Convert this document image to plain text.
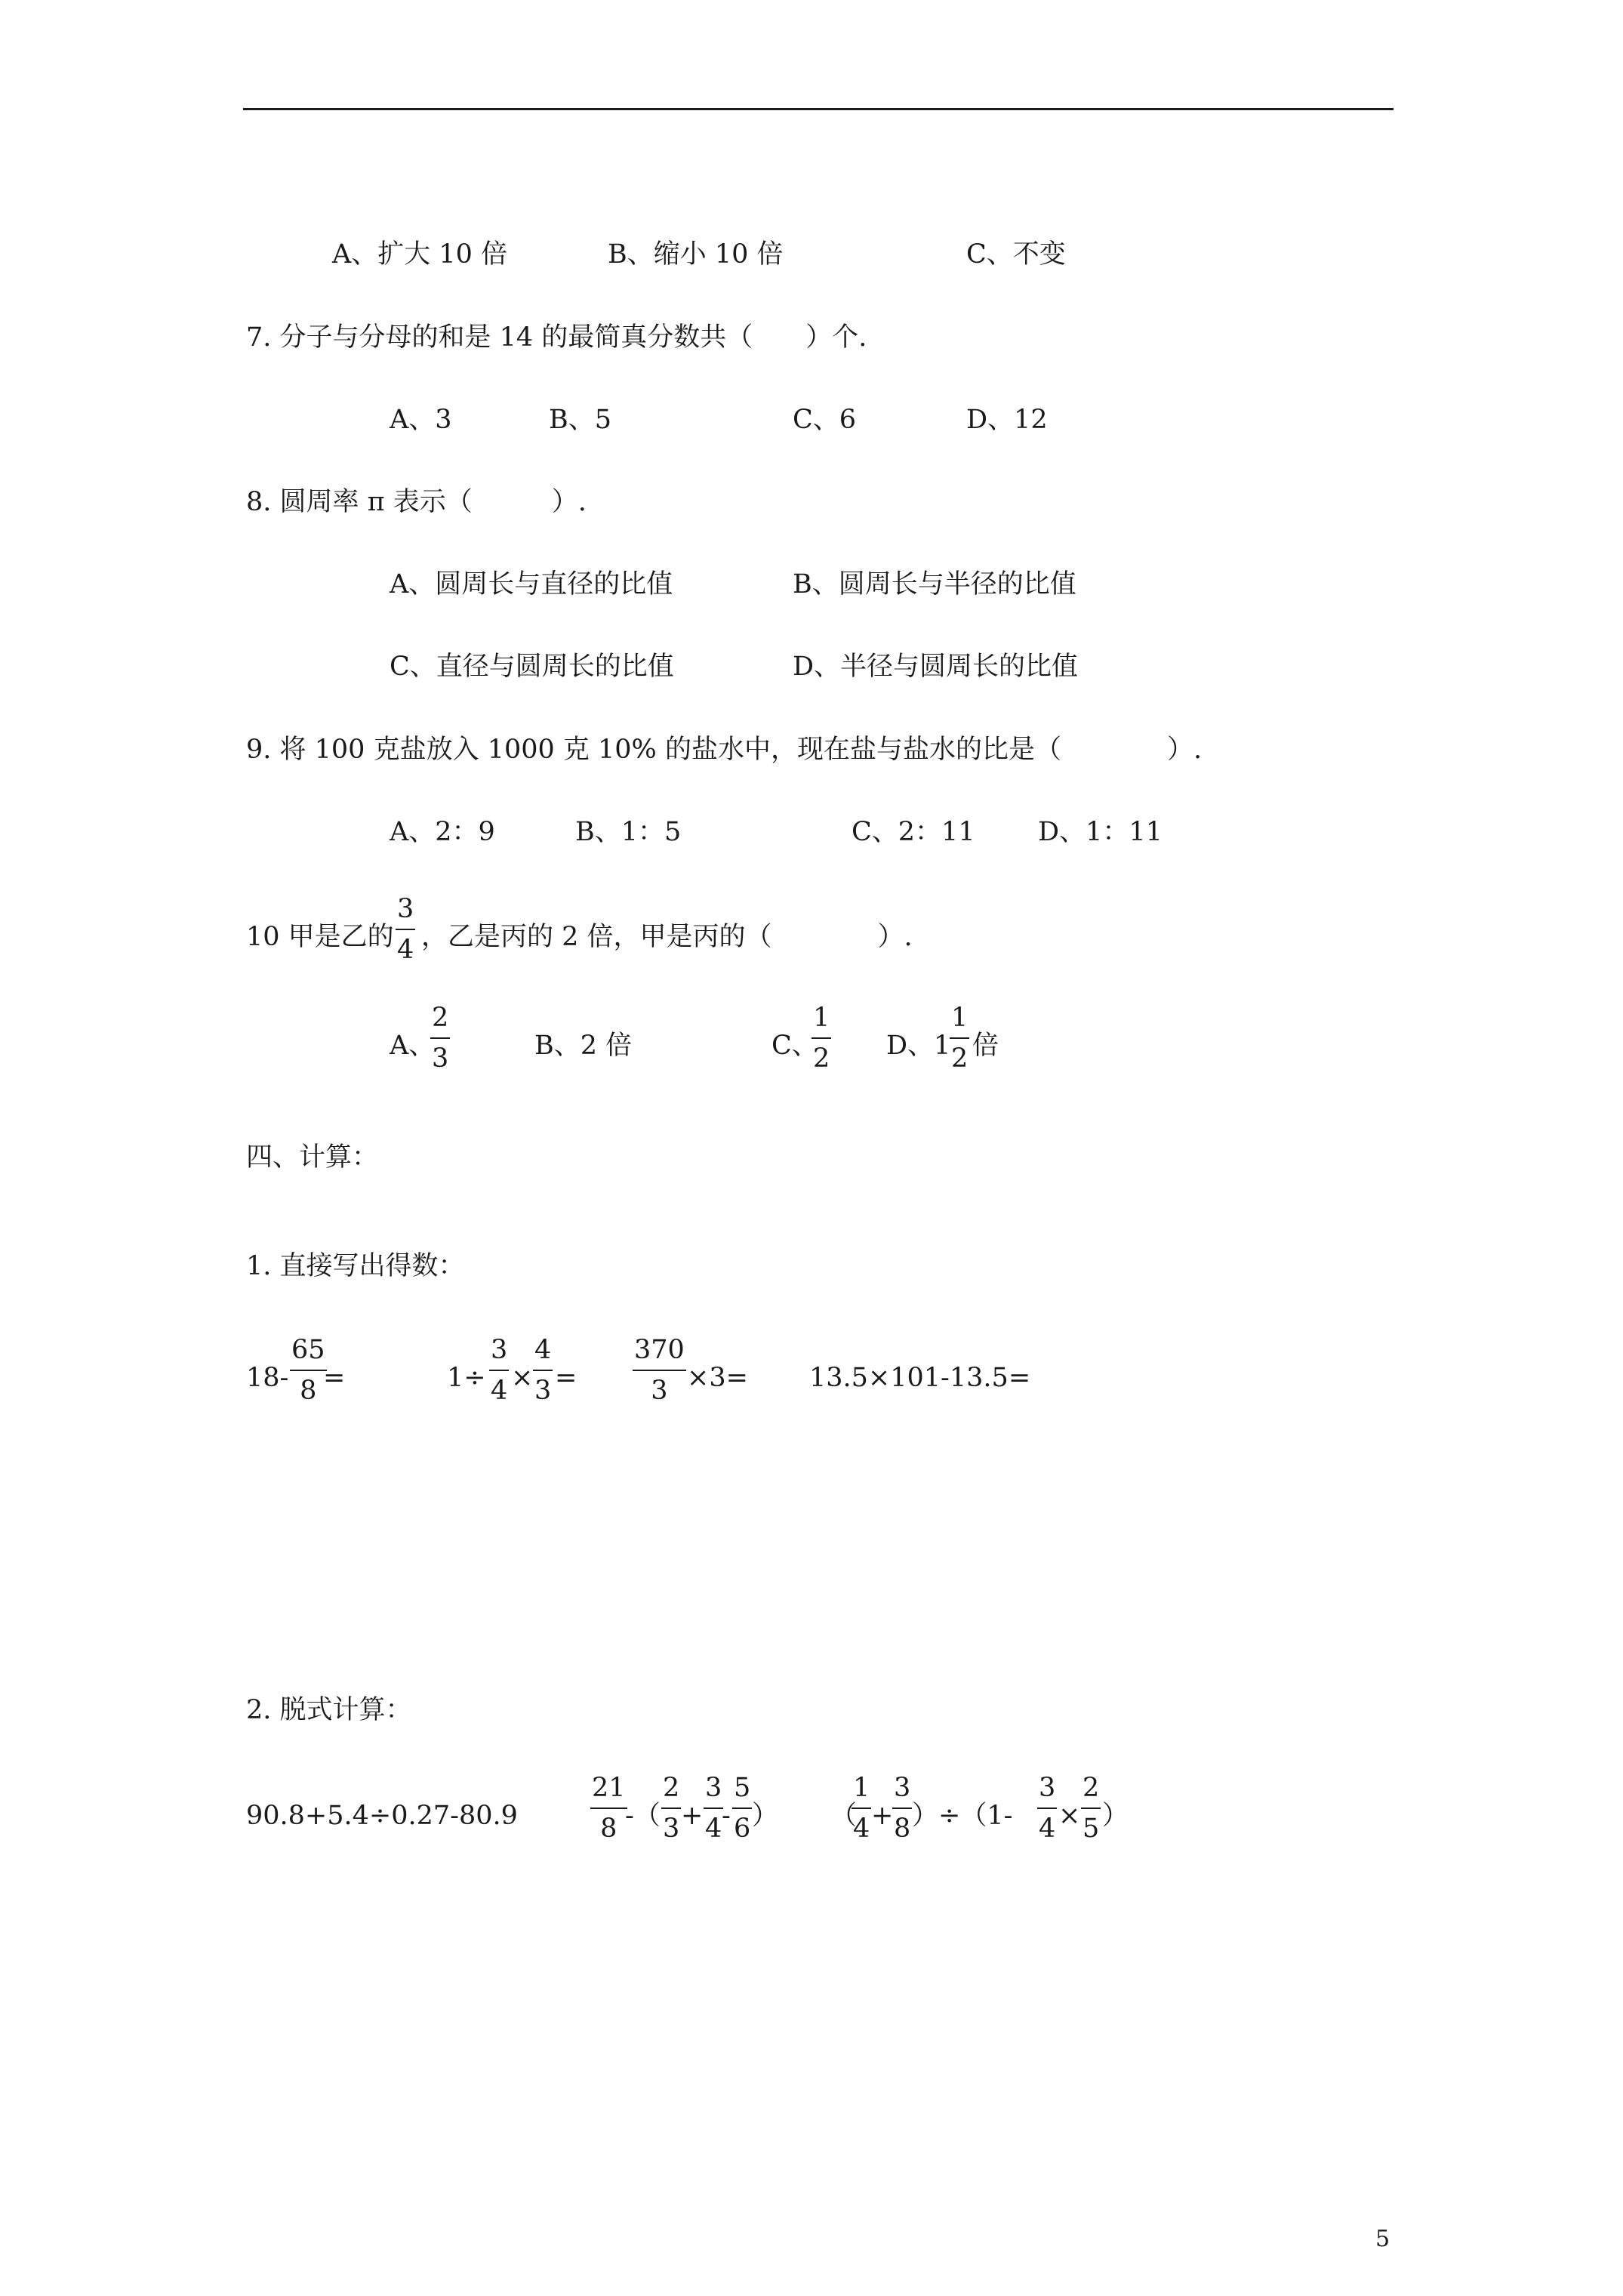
A、扩大 10 倍	B、缩小 10 倍	C、不变
7. 分子与分母的和是 14 的最简真分数共（　　）个.
A、3	B、5	C、6	D、12
8. 圆周率 π 表示（　　　）.
A、圆周长与直径的比值	B、圆周长与半径的比值
C、直径与圆周长的比值	D、半径与圆周长的比值
9. 将 100 克盐放入 1000 克 10% 的盐水中，现在盐与盐水的比是（　　　　）.
A、2：9	B、1：5	C、2：11 D、1：11
10 甲是乙的
3
4 ，乙是丙的 2 倍，甲是丙的（　　　　）.
A、
2
3	B、2 倍	C、
1
2 D、1
1
2 倍
四、计算：
1. 直接写出得数：
18-
65
8 =	1÷
3
4 ×
4
3 =
370
3 ×3= 13.5×101-13.5=
2. 脱式计算：
90.8+5.4÷0.27-80.9
21
8 -（
2
3 +
3
4 -
5
6 ） （
1
4 +
3
8 ）÷（1-
3
4 ×
2
5 ）
5
